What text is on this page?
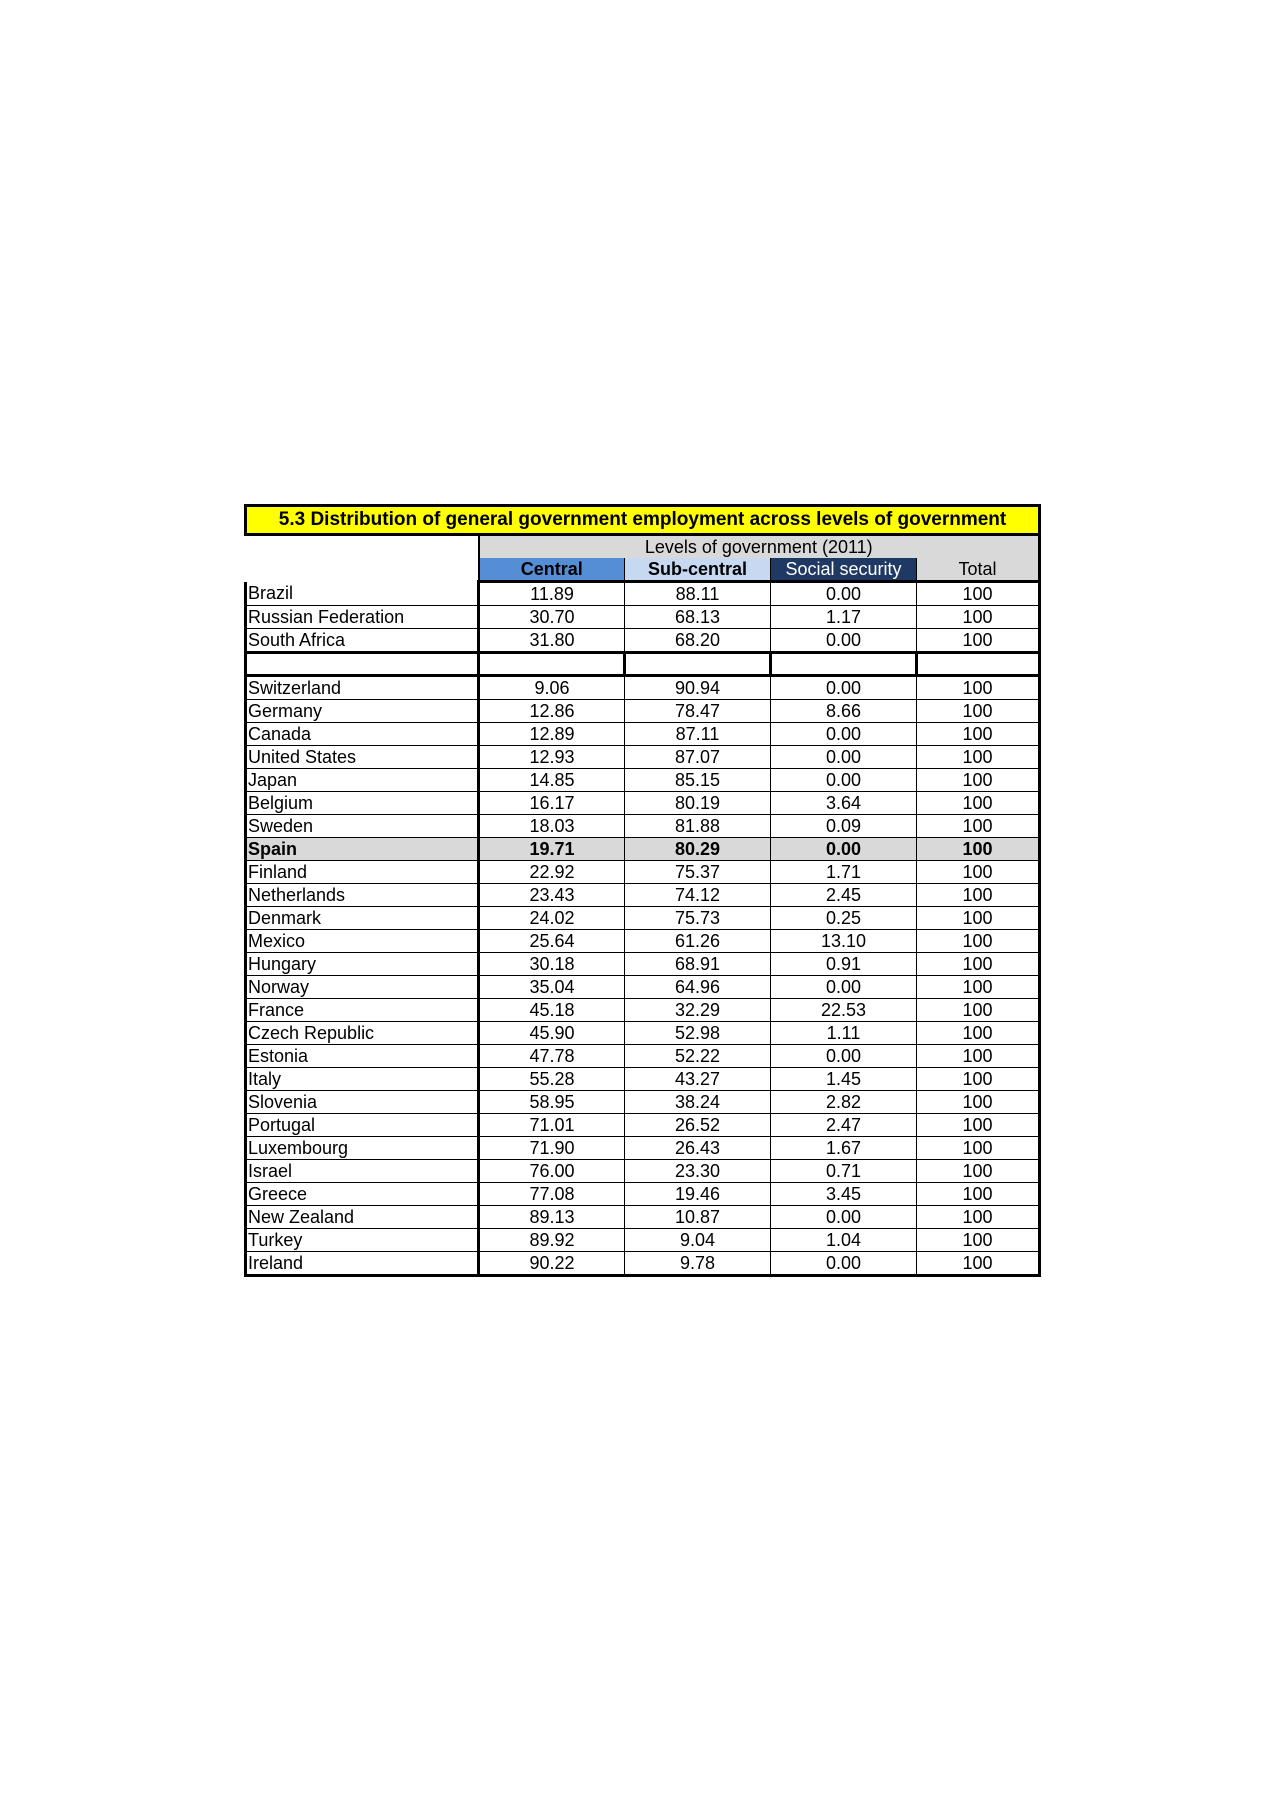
5.3 Distribution of general government employment across levels of government				
	Levels of government (2011)			
	Central	Sub-central	Social security	Total
Brazil	11.89	88.11	0.00	100
Russian Federation	30.70	68.13	1.17	100
South Africa	31.80	68.20	0.00	100

Switzerland	9.06	90.94	0.00	100
Germany	12.86	78.47	8.66	100
Canada	12.89	87.11	0.00	100
United States	12.93	87.07	0.00	100
Japan	14.85	85.15	0.00	100
Belgium	16.17	80.19	3.64	100
Sweden	18.03	81.88	0.09	100
Spain	19.71	80.29	0.00	100
Finland	22.92	75.37	1.71	100
Netherlands	23.43	74.12	2.45	100
Denmark	24.02	75.73	0.25	100
Mexico	25.64	61.26	13.10	100
Hungary	30.18	68.91	0.91	100
Norway	35.04	64.96	0.00	100
France	45.18	32.29	22.53	100
Czech Republic	45.90	52.98	1.11	100
Estonia	47.78	52.22	0.00	100
Italy	55.28	43.27	1.45	100
Slovenia	58.95	38.24	2.82	100
Portugal	71.01	26.52	2.47	100
Luxembourg	71.90	26.43	1.67	100
Israel	76.00	23.30	0.71	100
Greece	77.08	19.46	3.45	100
New Zealand	89.13	10.87	0.00	100
Turkey	89.92	9.04	1.04	100
Ireland	90.22	9.78	0.00	100
